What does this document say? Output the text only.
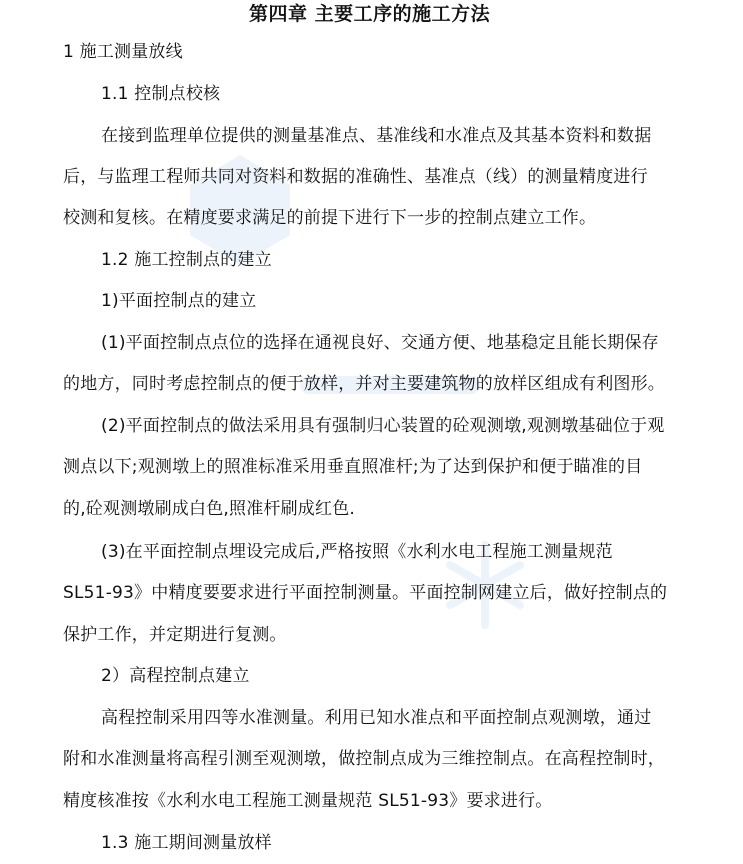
第四章 主要工序的施工方法
1 施工测量放线
1.1 控制点校核
在接到监理单位提供的测量基准点、基准线和水准点及其基本资料和数据
后，与监理工程师共同对资料和数据的准确性、基准点（线）的测量精度进行
校测和复核。在精度要求满足的前提下进行下一步的控制点建立工作。
1.2 施工控制点的建立
1)平面控制点的建立
(1)平面控制点点位的选择在通视良好、交通方便、地基稳定且能长期保存
的地方，同时考虑控制点的便于放样，并对主要建筑物的放样区组成有利图形。
(2)平面控制点的做法采用具有强制归心装置的砼观测墩,观测墩基础位于观
测点以下;观测墩上的照准标准采用垂直照准杆;为了达到保护和便于瞄准的目
的,砼观测墩刷成白色,照准杆刷成红色.
(3)在平面控制点埋设完成后,严格按照《水利水电工程施工测量规范
SL51-93》中精度要要求进行平面控制测量。平面控制网建立后，做好控制点的
保护工作，并定期进行复测。
2）高程控制点建立
高程控制采用四等水准测量。利用已知水准点和平面控制点观测墩，通过
附和水准测量将高程引测至观测墩，做控制点成为三维控制点。在高程控制时，
精度核准按《水利水电工程施工测量规范 SL51-93》要求进行。
1.3 施工期间测量放样
